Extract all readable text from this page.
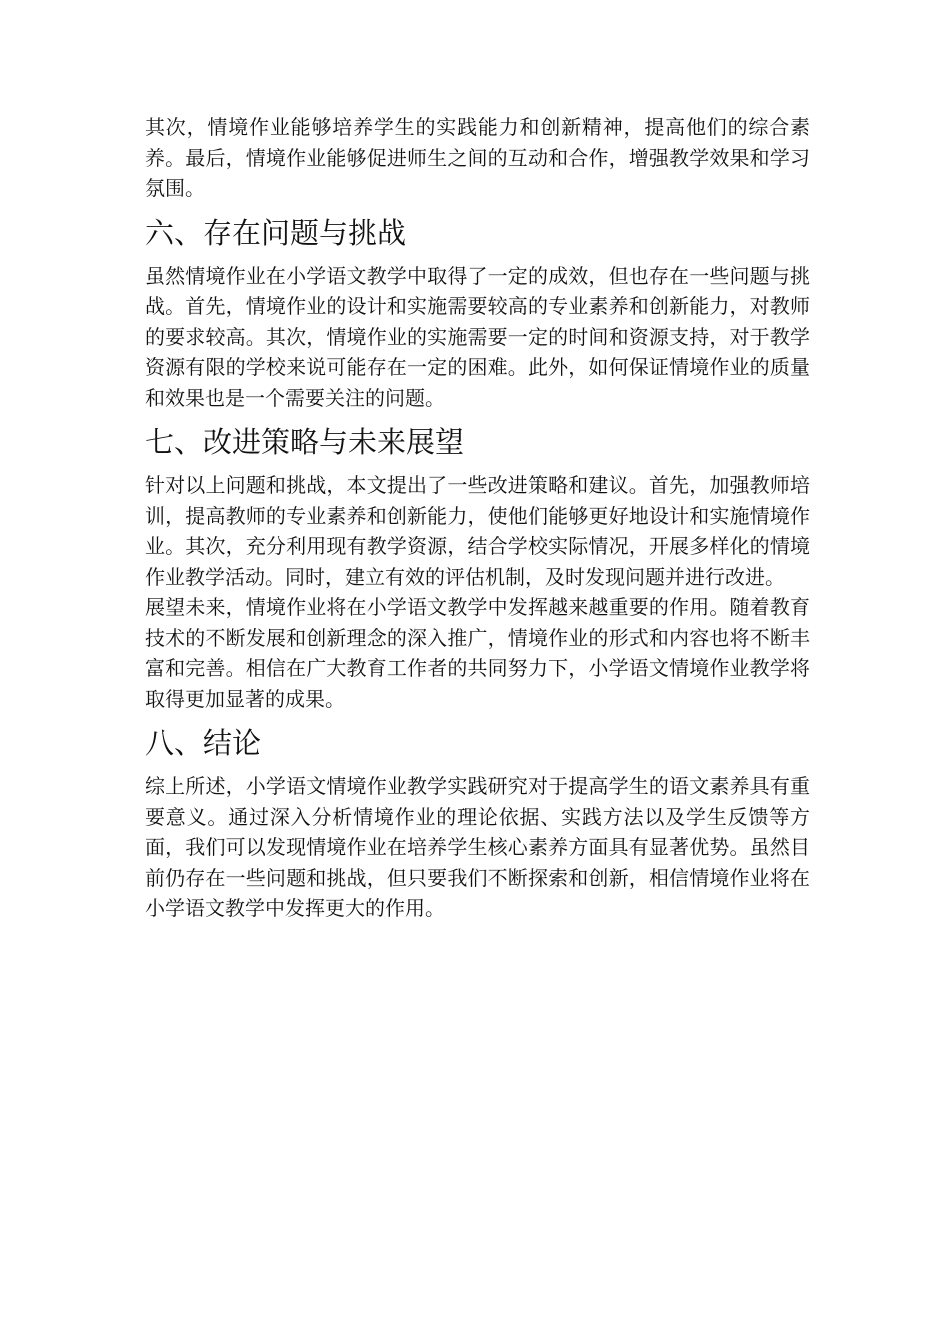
其次，情境作业能够培养学生的实践能力和创新精神，提高他们的综合素养。最后，情境作业能够促进师生之间的互动和合作，增强教学效果和学习氛围。

六、存在问题与挑战

虽然情境作业在小学语文教学中取得了一定的成效，但也存在一些问题与挑战。首先，情境作业的设计和实施需要较高的专业素养和创新能力，对教师的要求较高。其次，情境作业的实施需要一定的时间和资源支持，对于教学资源有限的学校来说可能存在一定的困难。此外，如何保证情境作业的质量和效果也是一个需要关注的问题。

七、改进策略与未来展望

针对以上问题和挑战，本文提出了一些改进策略和建议。首先，加强教师培训，提高教师的专业素养和创新能力，使他们能够更好地设计和实施情境作业。其次，充分利用现有教学资源，结合学校实际情况，开展多样化的情境作业教学活动。同时，建立有效的评估机制，及时发现问题并进行改进。

展望未来，情境作业将在小学语文教学中发挥越来越重要的作用。随着教育技术的不断发展和创新理念的深入推广，情境作业的形式和内容也将不断丰富和完善。相信在广大教育工作者的共同努力下，小学语文情境作业教学将取得更加显著的成果。

八、结论

综上所述，小学语文情境作业教学实践研究对于提高学生的语文素养具有重要意义。通过深入分析情境作业的理论依据、实践方法以及学生反馈等方面，我们可以发现情境作业在培养学生核心素养方面具有显著优势。虽然目前仍存在一些问题和挑战，但只要我们不断探索和创新，相信情境作业将在小学语文教学中发挥更大的作用。
